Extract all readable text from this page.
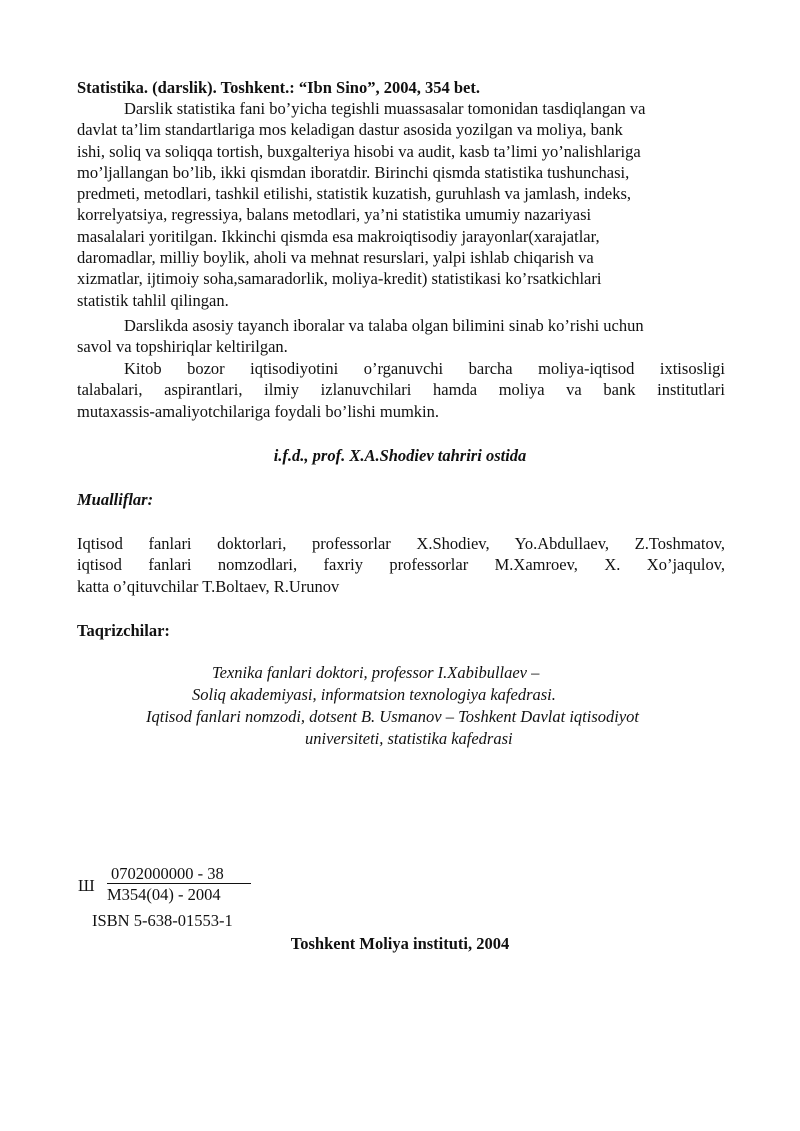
Statistika. (darslik). Toshkent.: “Ibn Sino”, 2004, 354 bet.
Darslik statistika fani bo’yicha tegishli muassasalar tomonidan tasdiqlangan va
davlat ta’lim standartlariga mos keladigan dastur asosida yozilgan va moliya, bank
ishi, soliq va soliqqa tortish, buxgalteriya hisobi va audit, kasb ta’limi yo’nalishlariga
mo’ljallangan bo’lib, ikki qismdan iboratdir. Birinchi qismda statistika tushunchasi,
predmeti, metodlari, tashkil etilishi, statistik kuzatish, guruhlash va jamlash, indeks,
korrelyatsiya, regressiya, balans metodlari, ya’ni statistika umumiy nazariyasi
masalalari yoritilgan. Ikkinchi qismda esa makroiqtisodiy jarayonlar(xarajatlar,
daromadlar, milliy boylik, aholi va mehnat resurslari, yalpi ishlab chiqarish va
xizmatlar, ijtimoiy soha,samaradorlik, moliya-kredit) statistikasi ko’rsatkichlari
statistik tahlil qilingan.
Darslikda asosiy tayanch iboralar va talaba olgan bilimini sinab ko’rishi uchun
savol va topshiriqlar keltirilgan.
Kitob bozor iqtisodiyotini o’rganuvchi barcha moliya-iqtisod ixtisosligi
talabalari, aspirantlari, ilmiy izlanuvchilari hamda moliya va bank institutlari
mutaxassis-amaliyotchilariga foydali bo’lishi mumkin.
i.f.d., prof. X.A.Shodiev tahriri ostida
Mualliflar:
Iqtisod fanlari doktorlari, professorlar X.Shodiev, Yo.Abdullaev, Z.Toshmatov,
iqtisod fanlari nomzodlari, faxriy professorlar M.Xamroev, X. Xo’jaqulov,
katta o’qituvchilar T.Boltaev, R.Urunov
Taqrizchilar:
Texnika fanlari doktori, professor I.Xabibullaev –
Soliq akademiyasi, informatsion texnologiya kafedrasi.
Iqtisod fanlari nomzodi, dotsent B. Usmanov – Toshkent Davlat iqtisodiyot
universiteti, statistika kafedrasi
Ш
0702000000 - 38
М354(04) - 2004
ISBN 5-638-01553-1
Toshkent Moliya instituti, 2004
